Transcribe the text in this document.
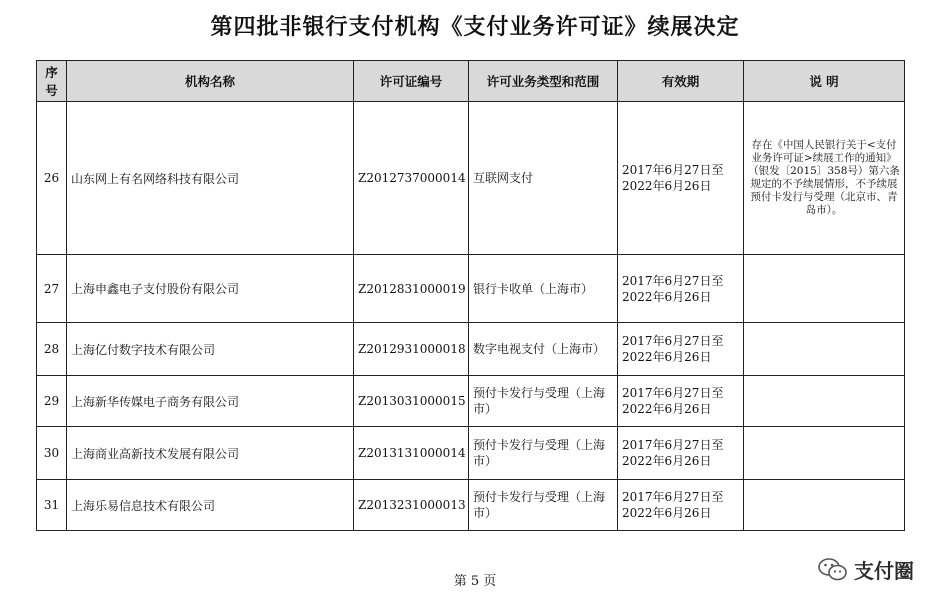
第四批非银行支付机构《支付业务许可证》续展决定
序号	机构名称	许可证编号	许可业务类型和范围	有效期	说 明
26	山东网上有名网络科技有限公司	Z2012737000014	互联网支付	2017年6月27日至2022年6月26日	存在《中国人民银行关于<支付业务许可证>续展工作的通知》（银发〔2015〕358号）第六条规定的不予续展情形，不予续展预付卡发行与受理（北京市、青岛市）。
27	上海申鑫电子支付股份有限公司	Z2012831000019	银行卡收单（上海市）	2017年6月27日至2022年6月26日	
28	上海亿付数字技术有限公司	Z2012931000018	数字电视支付（上海市）	2017年6月27日至2022年6月26日	
29	上海新华传媒电子商务有限公司	Z2013031000015	预付卡发行与受理（上海市）	2017年6月27日至2022年6月26日	
30	上海商业高新技术发展有限公司	Z2013131000014	预付卡发行与受理（上海市）	2017年6月27日至2022年6月26日	
31	上海乐易信息技术有限公司	Z2013231000013	预付卡发行与受理（上海市）	2017年6月27日至2022年6月26日	
第 5 页	支付圈
